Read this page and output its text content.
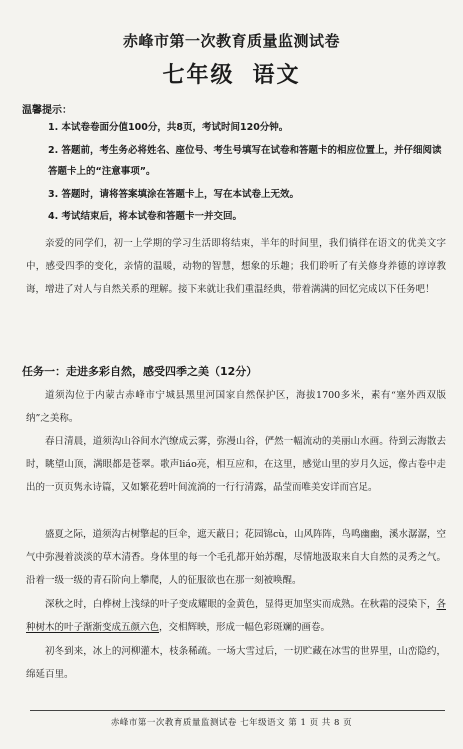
赤峰市第一次教育质量监测试卷
七年级 语文
温馨提示：
1. 本试卷卷面分值100分，共8页，考试时间120分钟。
2. 答题前，考生务必将姓名、座位号、考生号填写在试卷和答题卡的相应位置上，并仔细阅读答题卡上的“注意事项”。
3. 答题时，请将答案填涂在答题卡上，写在本试卷上无效。
4. 考试结束后，将本试卷和答题卡一并交回。
亲爱的同学们，初一上学期的学习生活即将结束，半年的时间里，我们徜徉在语文的优美文字中，感受四季的变化，亲情的温暖，动物的智慧，想象的乐趣；我们聆听了有关修身养德的谆谆教诲，增进了对人与自然关系的理解。接下来就让我们重温经典，带着满满的回忆完成以下任务吧！
任务一：走进多彩自然，感受四季之美（12分）
道须沟位于内蒙古赤峰市宁城县黑里河国家自然保护区，海拔1700多米，素有“塞外西双版纳”之美称。
春日清晨，道须沟山谷间水汽缭成云雾，弥漫山谷，俨然一幅流动的美丽山水画。待到云海散去时，眺望山顶，满眼都是苍翠。歌声liáo亮，相互应和，在这里，感觉山里的岁月久远，像古卷中走出的一页页隽永诗篇，又如繁花碧叶间流淌的一行行清露，晶莹而唯美安详而宫足。
盛夏之际，道须沟古树擎起的巨伞，遮天蔽日；花园锦cù，山风阵阵，鸟鸣幽幽，溪水潺潺，空气中弥漫着淡淡的草木清香。身体里的每一个毛孔都开始苏醒，尽情地汲取来自大自然的灵秀之气。沿着一级一级的青石阶向上攀爬，人的征服欲也在那一刻被唤醒。
深秋之时，白桦树上浅绿的叶子变成耀眼的金黄色，显得更加坚实而成熟。在秋霜的浸染下，各种树木的叶子渐渐变成五颜六色，交相辉映，形成一幅色彩斑斓的画卷。
初冬到来，冰上的河柳灌木，枝条稀疏。一场大雪过后，一切贮藏在冰雪的世界里，山峦隐约，绵延百里。
赤峰市第一次教育质量监测试卷 七年级语文 第 1 页 共 8 页
